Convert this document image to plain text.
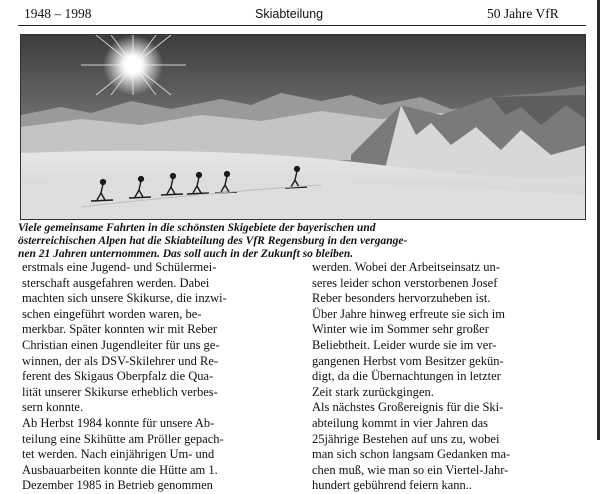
1948 – 1998	Skiabteilung	50 Jahre VfR
Viele gemeinsame Fahrten in die schönsten Skigebiete der bayerischen und
österreichischen Alpen hat die Skiabteilung des VfR Regensburg in den vergange-
nen 21 Jahren unternommen. Das soll auch in der Zukunft so bleiben.
erstmals eine Jugend- und Schülermei-
sterschaft ausgefahren werden. Dabei
machten sich unsere Skikurse, die inzwi-
schen eingeführt worden waren, be-
merkbar. Später konnten wir mit Reber
Christian einen Jugendleiter für uns ge-
winnen, der als DSV-Skilehrer und Re-
ferent des Skigaus Oberpfalz die Qua-
lität unserer Skikurse erheblich verbes-
sern konnte.
Ab Herbst 1984 konnte für unsere Ab-
teilung eine Skihütte am Pröller gepach-
tet werden. Nach einjährigen Um- und
Ausbauarbeiten konnte die Hütte am 1.
Dezember 1985 in Betrieb genommen
werden. Wobei der Arbeitseinsatz un-
seres leider schon verstorbenen Josef
Reber besonders hervorzuheben ist.
Über Jahre hinweg erfreute sie sich im
Winter wie im Sommer sehr großer
Beliebtheit. Leider wurde sie im ver-
gangenen Herbst vom Besitzer gekün-
digt, da die Übernachtungen in letzter
Zeit stark zurückgingen.
Als nächstes Großereignis für die Ski-
abteilung kommt in vier Jahren das
25jährige Bestehen auf uns zu, wobei
man sich schon langsam Gedanken ma-
chen muß, wie man so ein Viertel-Jahr-
hundert gebührend feiern kann..
